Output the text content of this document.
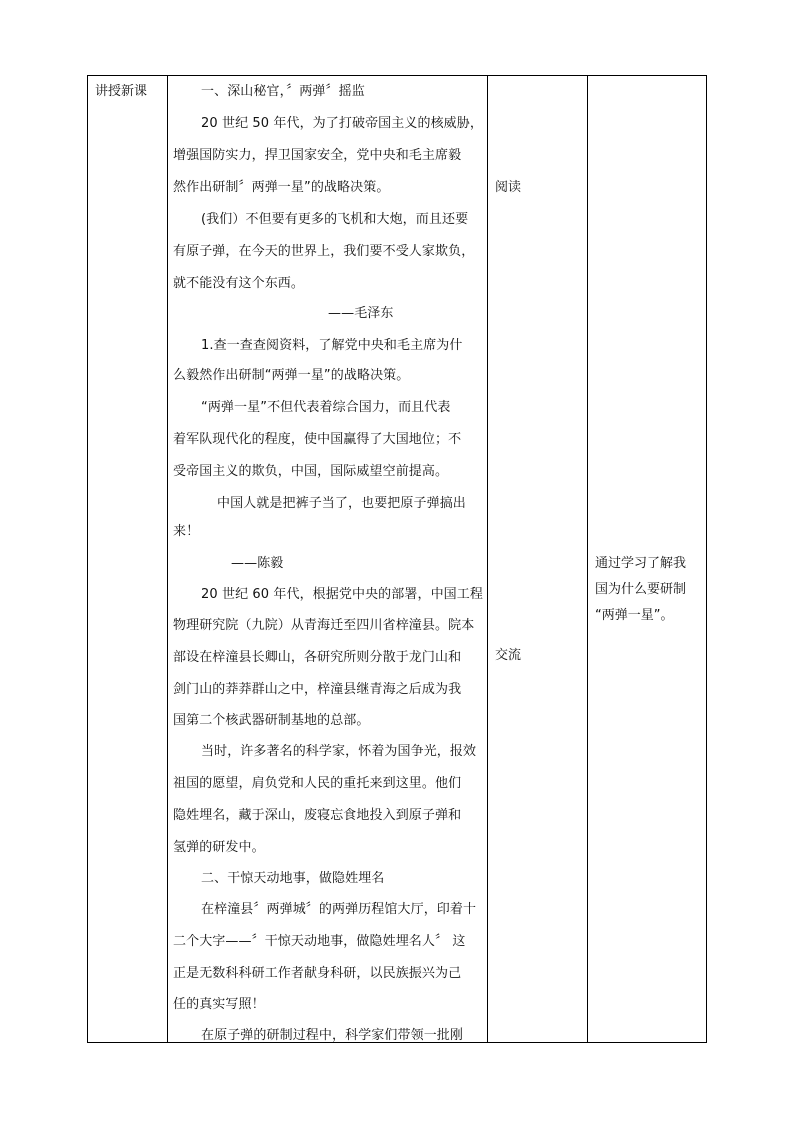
讲授新课	一、深山秘官，〞两弹〞摇监
20 世纪 50 年代，为了打破帝国主义的核威胁，
增强国防实力，捍卫国家安全，党中央和毛主席毅
然作出研制〞两弹一星”的战略决策。
(我们）不但要有更多的飞机和大炮，而且还要
有原子弹，在今天的世界上，我们要不受人家欺负，
就不能没有这个东西。
——毛泽东
1.查一查查阅资料，了解党中央和毛主席为什
么毅然作出研制“两弹一星”的战略决策。
“两弹一星”不但代表着综合国力，而且代表
着军队现代化的程度，使中国赢得了大国地位；不
受帝国主义的欺负，中国，国际威望空前提高。
中国人就是把裤子当了，也要把原子弹搞出
来！
——陈毅
20 世纪 60 年代，根据党中央的部署，中国工程
物理研究院（九院）从青海迁至四川省梓潼县。院本
部设在梓潼县长卿山，各研究所则分散于龙门山和
剑门山的莽莽群山之中，梓潼县继青海之后成为我
国第二个核武器研制基地的总部。
当时，许多著名的科学家，怀着为国争光，报效
祖国的愿望，肩负党和人民的重托来到这里。他们
隐姓埋名，藏于深山，废寝忘食地投入到原子弹和
氢弹的研发中。
二、干惊天动地事，做隐姓埋名
在梓潼县〞两弹城〞的两弹历程馆大厅，印着十
二个大字——〞干惊天动地事，做隐姓埋名人〞 这
正是无数科科研工作者献身科研，以民族振兴为己
任的真实写照！
在原子弹的研制过程中，科学家们带领一批刚
阅读
交流
通过学习了解我
国为什么要研制
“两弹一星”。
